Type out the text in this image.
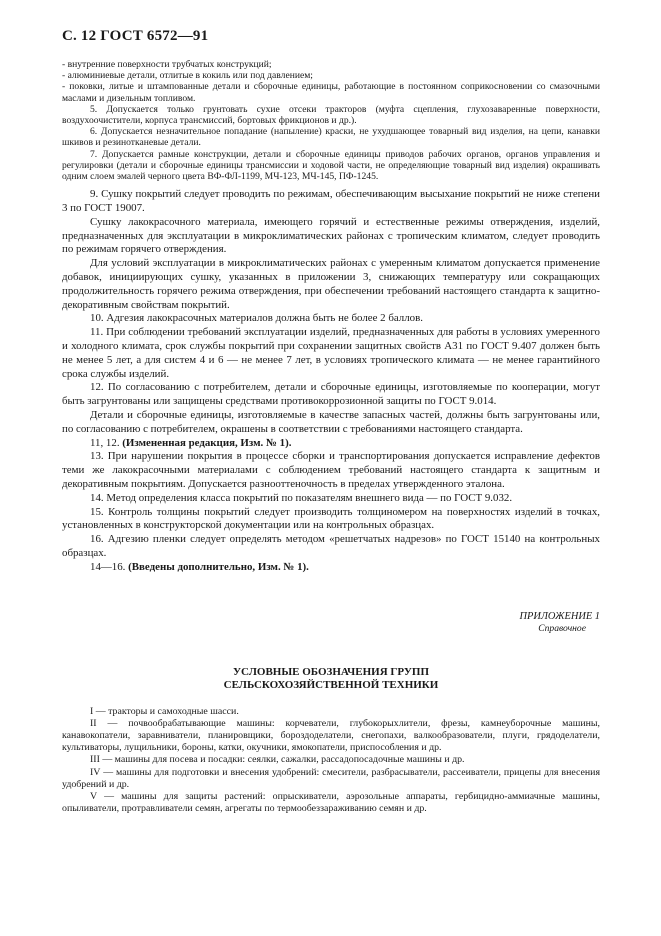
С. 12 ГОСТ 6572—91

- внутренние поверхности трубчатых конструкций;

- алюминиевые детали, отлитые в кокиль или под давлением;

- поковки, литые и штампованные детали и сборочные единицы, работающие в постоянном соприкосновении со смазочными маслами и дизельным топливом.

5. Допускается только грунтовать сухие отсеки тракторов (муфта сцепления, глухозаваренные поверхности, воздухоочистители, корпуса трансмиссий, бортовых фрикционов и др.).

6. Допускается незначительное попадание (напыление) краски, не ухудшающее товарный вид изделия, на цепи, канавки шкивов и резинотканевые детали.

7. Допускается рамные конструкции, детали и сборочные единицы приводов рабочих органов, органов управления и регулировки (детали и сборочные единицы трансмиссии и ходовой части, не определяющие товарный вид изделия) окрашивать одним слоем эмалей черного цвета ВФ-ФЛ-1199, МЧ-123, МЧ-145, ПФ-1245.

9. Сушку покрытий следует проводить по режимам, обеспечивающим высыхание покрытий не ниже степени 3 по ГОСТ 19007.

Сушку лакокрасочного материала, имеющего горячий и естественные режимы отверждения, изделий, предназначенных для эксплуатации в микроклиматических районах с тропическим климатом, следует проводить по режимам горячего отверждения.

Для условий эксплуатации в микроклиматических районах с умеренным климатом допускается применение добавок, инициирующих сушку, указанных в приложении 3, снижающих температуру или сокращающих продолжительность горячего режима отверждения, при обеспечении требований настоящего стандарта к защитно-декоративным свойствам покрытий.

10. Адгезия лакокрасочных материалов должна быть не более 2 баллов.

11. При соблюдении требований эксплуатации изделий, предназначенных для работы в условиях умеренного и холодного климата, срок службы покрытий при сохранении защитных свойств А31 по ГОСТ 9.407 должен быть не менее 5 лет, а для систем 4 и 6 — не менее 7 лет, в условиях тропического климата — не менее гарантийного срока службы изделий.

12. По согласованию с потребителем, детали и сборочные единицы, изготовляемые по кооперации, могут быть загрунтованы или защищены средствами противокоррозионной защиты по ГОСТ 9.014.

Детали и сборочные единицы, изготовляемые в качестве запасных частей, должны быть загрунтованы или, по согласованию с потребителем, окрашены в соответствии с требованиями настоящего стандарта.

11, 12. (Измененная редакция, Изм. № 1).

13. При нарушении покрытия в процессе сборки и транспортирования допускается исправление дефектов теми же лакокрасочными материалами с соблюдением требований настоящего стандарта к защитным и декоративным покрытиям. Допускается разнооттеночность в пределах утвержденного эталона.

14. Метод определения класса покрытий по показателям внешнего вида — по ГОСТ 9.032.

15. Контроль толщины покрытий следует производить толщиномером на поверхностях изделий в точках, установленных в конструкторской документации или на контрольных образцах.

16. Адгезию пленки следует определять методом «решетчатых надрезов» по ГОСТ 15140 на контрольных образцах.

14—16. (Введены дополнительно, Изм. № 1).

ПРИЛОЖЕНИЕ 1
Справочное
УСЛОВНЫЕ ОБОЗНАЧЕНИЯ ГРУПП
СЕЛЬСКОХОЗЯЙСТВЕННОЙ ТЕХНИКИ

I — тракторы и самоходные шасси.

II — почвообрабатывающие машины: корчеватели, глубокорыхлители, фрезы, камнеуборочные машины, канавокопатели, заравниватели, планировщики, бороздоделатели, снегопахи, валкообразователи, плуги, грядоделатели, культиваторы, лущильники, бороны, катки, окучники, ямокопатели, приспособления и др.

III — машины для посева и посадки: сеялки, сажалки, рассадопосадочные машины и др.

IV — машины для подготовки и внесения удобрений: смесители, разбрасыватели, рассеиватели, прицепы для внесения удобрений и др.

V — машины для защиты растений: опрыскиватели, аэрозольные аппараты, гербицидно-аммиачные машины, опыливатели, протравливатели семян, агрегаты по термообеззараживанию семян и др.
